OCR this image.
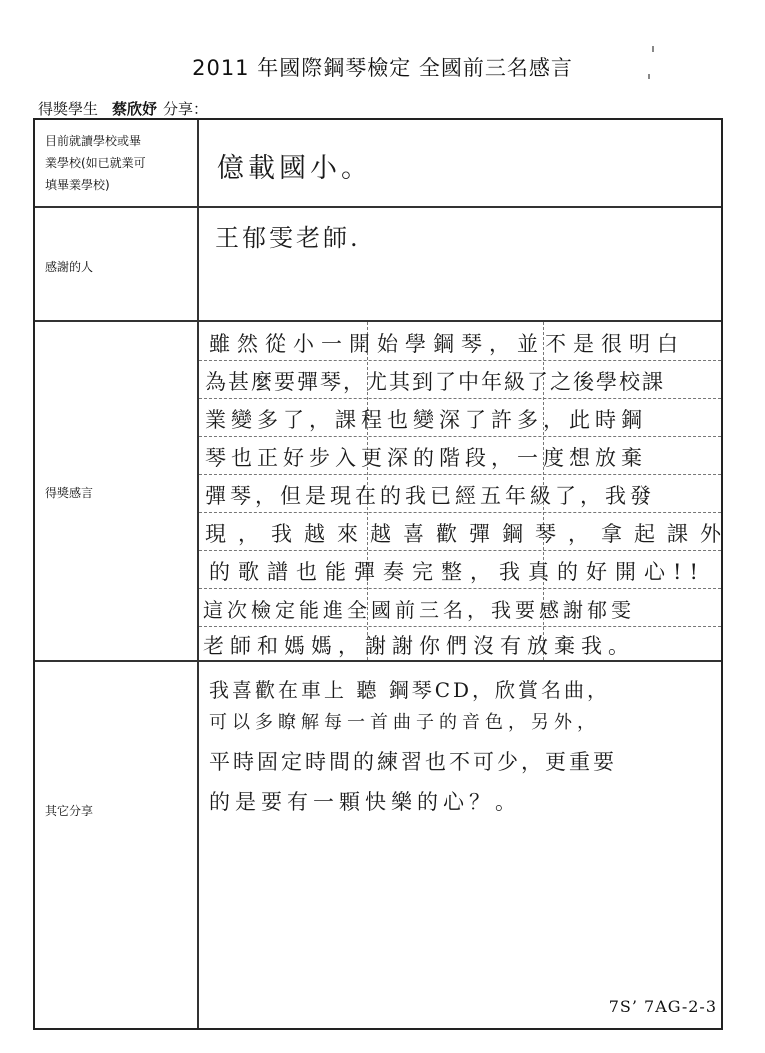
2011 年國際鋼琴檢定 全國前三名感言
得獎學生 蔡欣妤 分享：
目前就讀學校或畢
業學校(如已就業可
填畢業學校)
億載國小。
感謝的人
王郁雯老師.
得獎感言
雖然從小一開始學鋼琴，並不是很明白
為甚麼要彈琴，尤其到了中年級了之後學校課
業變多了，課程也變深了許多，此時鋼
琴也正好步入更深的階段，一度想放棄
彈琴，但是現在的我已經五年級了，我發
現，我越來越喜歡彈鋼琴，拿起課外
的歌譜也能彈奏完整，我真的好開心!!
這次檢定能進全國前三名，我要感謝郁雯
老師和媽媽，謝謝你們沒有放棄我。
其它分享
我喜歡在車上 聽 鋼琴CD，欣賞名曲，
可以多瞭解每一首曲子的音色，另外，
平時固定時間的練習也不可少，更重要
的是要有一顆快樂的心？。
7S’ 7AG-2-3
